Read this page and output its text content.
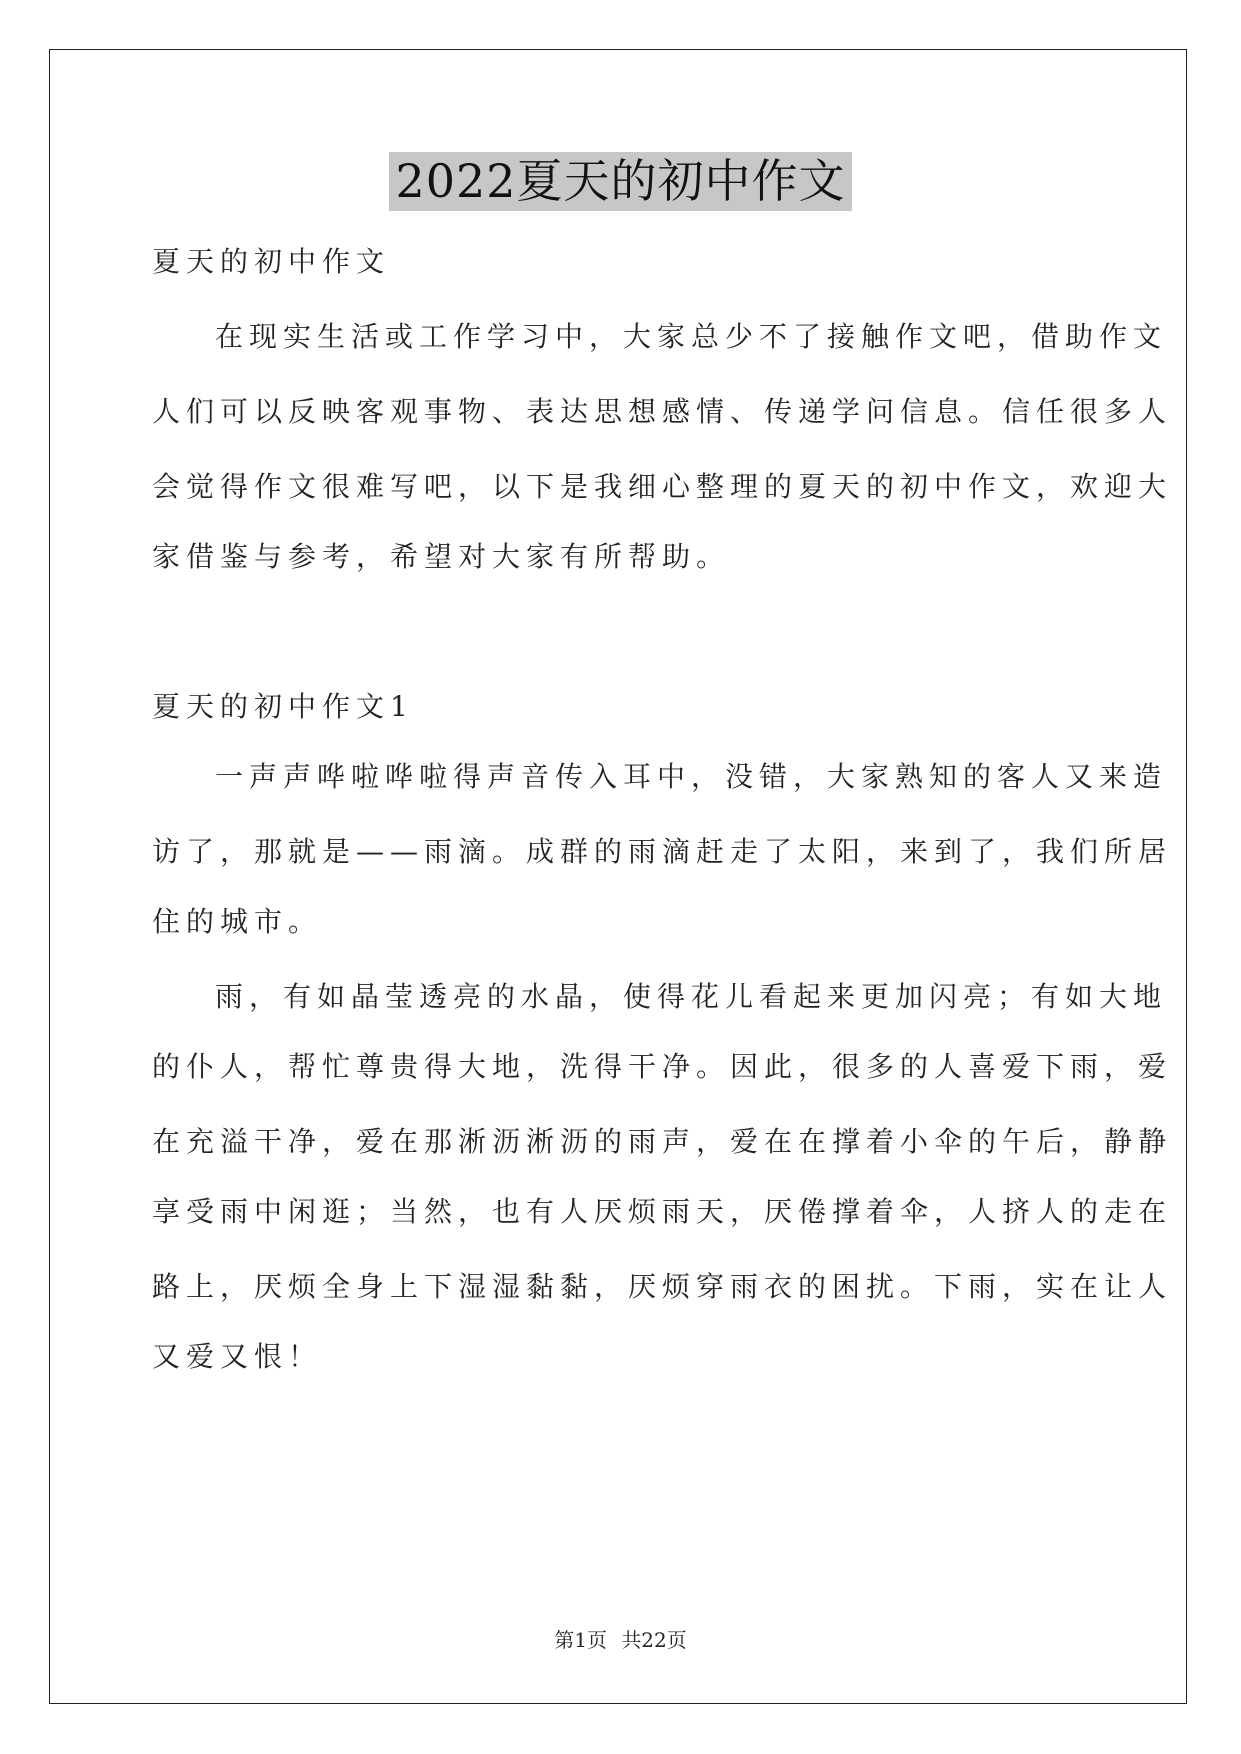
2022夏天的初中作文
夏天的初中作文
在现实生活或工作学习中，大家总少不了接触作文吧，借助作文
人们可以反映客观事物、表达思想感情、传递学问信息。信任很多人
会觉得作文很难写吧，以下是我细心整理的夏天的初中作文，欢迎大
家借鉴与参考，希望对大家有所帮助。
夏天的初中作文1
一声声哗啦哗啦得声音传入耳中，没错，大家熟知的客人又来造
访了，那就是——雨滴。成群的雨滴赶走了太阳，来到了，我们所居
住的城市。
雨，有如晶莹透亮的水晶，使得花儿看起来更加闪亮；有如大地
的仆人，帮忙尊贵得大地，洗得干净。因此，很多的人喜爱下雨，爱
在充溢干净，爱在那淅沥淅沥的雨声，爱在在撑着小伞的午后，静静
享受雨中闲逛；当然，也有人厌烦雨天，厌倦撑着伞，人挤人的走在
路上，厌烦全身上下湿湿黏黏，厌烦穿雨衣的困扰。下雨，实在让人
又爱又恨！
第1页 共22页
